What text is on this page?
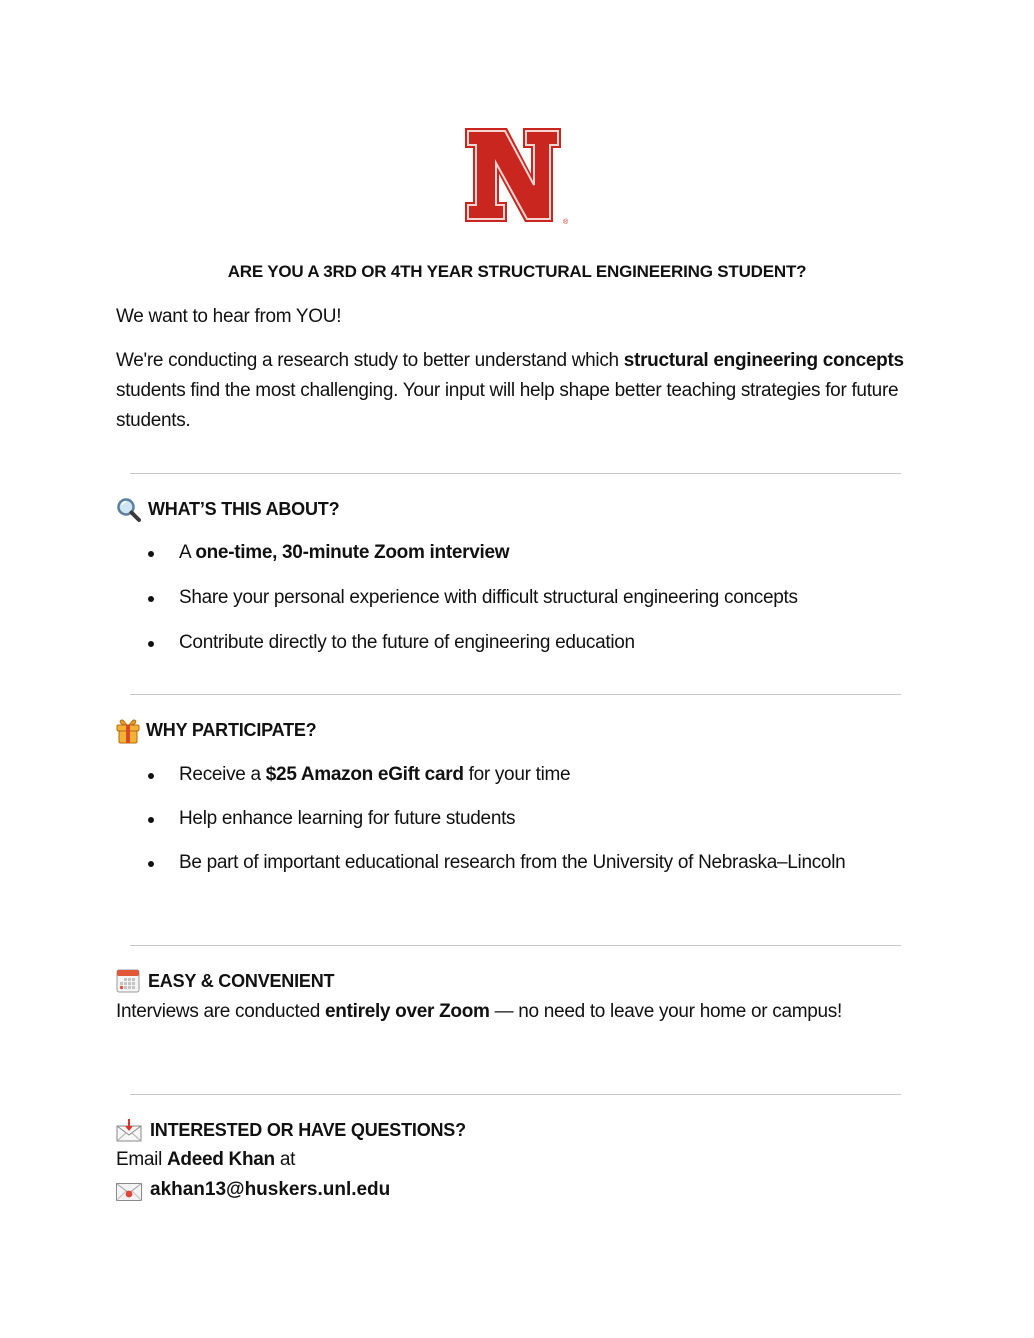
®
ARE YOU A 3RD OR 4TH YEAR STRUCTURAL ENGINEERING STUDENT?
We want to hear from YOU!
We're conducting a research study to better understand which structural engineering concepts students find the most challenging. Your input will help shape better teaching strategies for future students.
WHAT’S THIS ABOUT?
A one-time, 30-minute Zoom interview
Share your personal experience with difficult structural engineering concepts
Contribute directly to the future of engineering education
WHY PARTICIPATE?
Receive a $25 Amazon eGift card for your time
Help enhance learning for future students
Be part of important educational research from the University of Nebraska–Lincoln
EASY & CONVENIENT
Interviews are conducted entirely over Zoom — no need to leave your home or campus!
INTERESTED OR HAVE QUESTIONS?
Email Adeed Khan at
akhan13@huskers.unl.edu
